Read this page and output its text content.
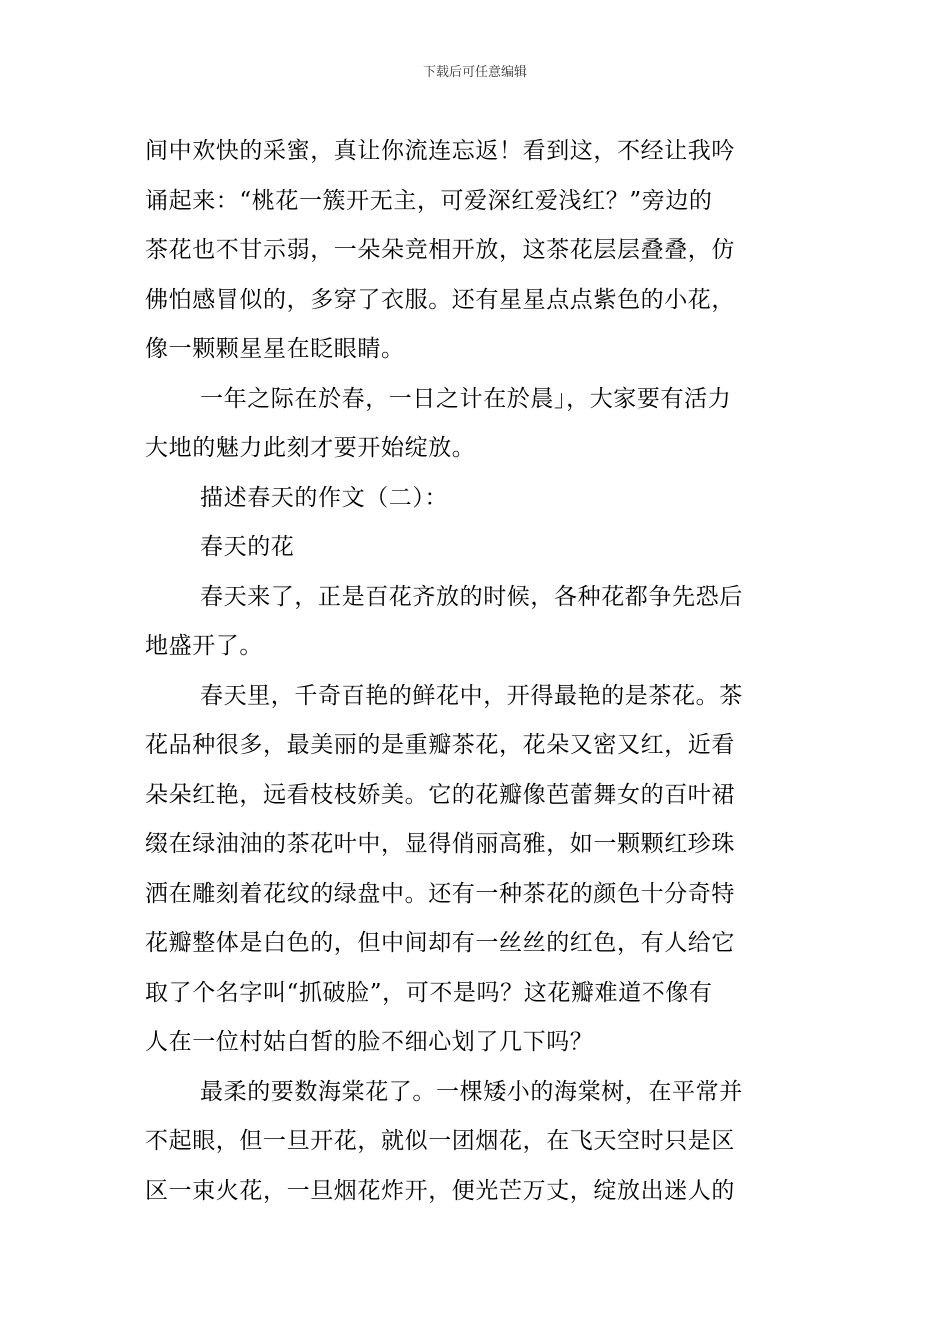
下载后可任意编辑

间中欢快的采蜜，真让你流连忘返！看到这，不经让我吟
诵起来：“桃花一簇开无主，可爱深红爱浅红？”旁边的
茶花也不甘示弱，一朵朵竞相开放，这茶花层层叠叠，仿
佛怕感冒似的，多穿了衣服。还有星星点点紫色的小花，
像一颗颗星星在眨眼睛。

一年之际在於春，一日之计在於晨」，大家要有活力
大地的魅力此刻才要开始绽放。

描述春天的作文（二）：

春天的花

春天来了，正是百花齐放的时候，各种花都争先恐后
地盛开了。

春天里，千奇百艳的鲜花中，开得最艳的是茶花。茶
花品种很多，最美丽的是重瓣茶花，花朵又密又红，近看
朵朵红艳，远看枝枝娇美。它的花瓣像芭蕾舞女的百叶裙
缀在绿油油的茶花叶中，显得俏丽高雅，如一颗颗红珍珠
洒在雕刻着花纹的绿盘中。还有一种茶花的颜色十分奇特
花瓣整体是白色的，但中间却有一丝丝的红色，有人给它
取了个名字叫“抓破脸”，可不是吗？这花瓣难道不像有
人在一位村姑白皙的脸不细心划了几下吗？

最柔的要数海棠花了。一棵矮小的海棠树，在平常并
不起眼，但一旦开花，就似一团烟花，在飞天空时只是区
区一束火花，一旦烟花炸开，便光芒万丈，绽放出迷人的
